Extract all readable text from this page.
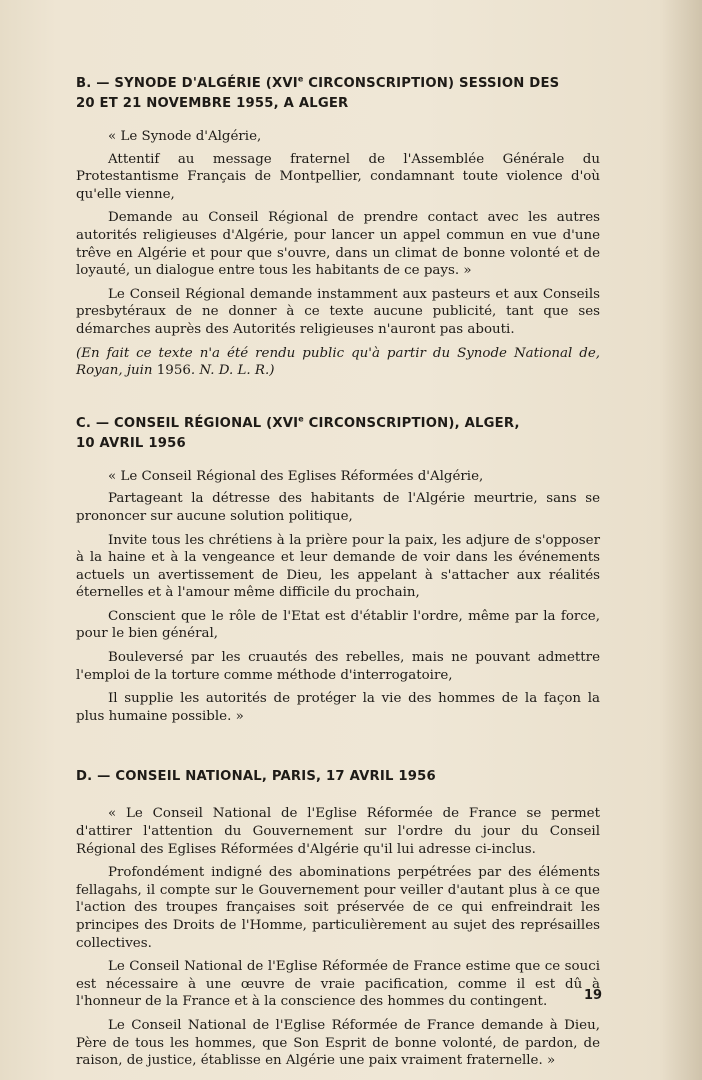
B. — SYNODE D'ALGÉRIE (XVIe CIRCONSCRIPTION) SESSION DES
20 ET 21 NOVEMBRE 1955, A ALGER

« Le Synode d'Algérie,

Attentif au message fraternel de l'Assemblée Générale du Protestantisme Français de Montpellier, condamnant toute violence d'où qu'elle vienne,

Demande au Conseil Régional de prendre contact avec les autres autorités religieuses d'Algérie, pour lancer un appel commun en vue d'une trêve en Algérie et pour que s'ouvre, dans un climat de bonne volonté et de loyauté, un dialogue entre tous les habitants de ce pays. »

Le Conseil Régional demande instamment aux pasteurs et aux Conseils presbytéraux de ne donner à ce texte aucune publicité, tant que ses démarches auprès des Autorités religieuses n'auront pas abouti.

(En fait ce texte n'a été rendu public qu'à partir du Synode National de, Royan, juin 1956. N. D. L. R.)

C. — CONSEIL RÉGIONAL (XVIe CIRCONSCRIPTION), ALGER,
10 AVRIL 1956

« Le Conseil Régional des Eglises Réformées d'Algérie,

Partageant la détresse des habitants de l'Algérie meurtrie, sans se prononcer sur aucune solution politique,

Invite tous les chrétiens à la prière pour la paix, les adjure de s'opposer à la haine et à la vengeance et leur demande de voir dans les événements actuels un avertissement de Dieu, les appelant à s'attacher aux réalités éternelles et à l'amour même difficile du prochain,

Conscient que le rôle de l'Etat est d'établir l'ordre, même par la force, pour le bien général,

Bouleversé par les cruautés des rebelles, mais ne pouvant admettre l'emploi de la torture comme méthode d'interrogatoire,

Il supplie les autorités de protéger la vie des hommes de la façon la plus humaine possible. »

D. — CONSEIL NATIONAL, PARIS, 17 AVRIL 1956

« Le Conseil National de l'Eglise Réformée de France se permet d'attirer l'attention du Gouvernement sur l'ordre du jour du Conseil Régional des Eglises Réformées d'Algérie qu'il lui adresse ci-inclus.

Profondément indigné des abominations perpétrées par des éléments fellagahs, il compte sur le Gouvernement pour veiller d'autant plus à ce que l'action des troupes françaises soit préservée de ce qui enfreindrait les principes des Droits de l'Homme, particulièrement au sujet des représailles collectives.

Le Conseil National de l'Eglise Réformée de France estime que ce souci est nécessaire à une œuvre de vraie pacification, comme il est dû à l'honneur de la France et à la conscience des hommes du contingent.

Le Conseil National de l'Eglise Réformée de France demande à Dieu, Père de tous les hommes, que Son Esprit de bonne volonté, de pardon, de raison, de justice, établisse en Algérie une paix vraiment fraternelle. »

19
